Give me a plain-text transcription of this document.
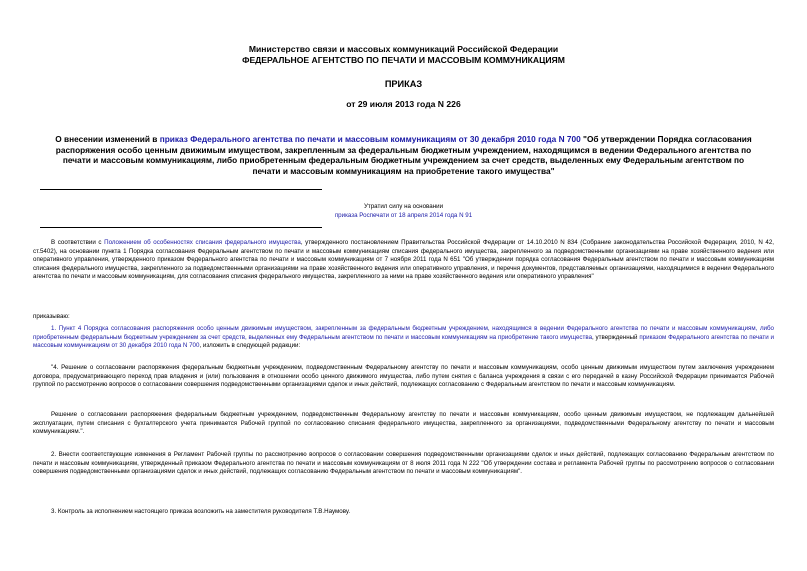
Министерство связи и массовых коммуникаций Российской Федерации
ФЕДЕРАЛЬНОЕ АГЕНТСТВО ПО ПЕЧАТИ И МАССОВЫМ КОММУНИКАЦИЯМ
ПРИКАЗ
от 29 июля 2013 года N 226
О внесении изменений в приказ Федерального агентства по печати и массовым коммуникациям от 30 декабря 2010 года N 700 "Об утверждении Порядка согласования распоряжения особо ценным движимым имуществом, закрепленным за федеральным бюджетным учреждением, находящимся в ведении Федерального агентства по печати и массовым коммуникациям, либо приобретенным федеральным бюджетным учреждением за счет средств, выделенных ему Федеральным агентством по печати и массовым коммуникациям на приобретение такого имущества"
Утратил силу на основании
приказа Роспечати от 18 апреля 2014 года N 91
В соответствии с Положением об особенностях списания федерального имущества, утвержденного постановлением Правительства Российской Федерации от 14.10.2010 N 834 (Собрание законодательства Российской Федерации, 2010, N 42, ст.5402), на основании пункта 1 Порядка согласования Федеральным агентством по печати и массовым коммуникациям списания федерального имущества, закрепленного за подведомственными организациями на праве хозяйственного ведения или оперативного управления, утвержденного приказом Федерального агентства по печати и массовым коммуникациям от 7 ноября 2011 года N 651 "Об утверждении порядка согласования Федеральным агентством по печати и массовым коммуникациям списания федерального имущества, закрепленного за подведомственными организациями на праве хозяйственного ведения или оперативного управления, и перечня документов, представляемых организациями, находящимися в ведении Федерального агентства по печати и массовым коммуникациям, для согласования списания федерального имущества, закрепленного за ними на праве хозяйственного ведения или оперативного управления"
приказываю:
1. Пункт 4 Порядка согласования распоряжения особо ценным движимым имуществом, закрепленным за федеральным бюджетным учреждением, находящимся в ведении Федерального агентства по печати и массовым коммуникациям, либо приобретенным федеральным бюджетным учреждением за счет средств, выделенных ему Федеральным агентством по печати и массовым коммуникациям на приобретение такого имущества, утвержденный приказом Федерального агентства по печати и массовым коммуникациям от 30 декабря 2010 года N 700, изложить в следующей редакции:
"4. Решение о согласовании распоряжения федеральным бюджетным учреждением, подведомственным Федеральному агентству по печати и массовым коммуникациям, особо ценным движимым имуществом путем заключения учреждением договора, предусматривающего переход прав владения и (или) пользования в отношении особо ценного движимого имущества, либо путем снятия с баланса учреждения в связи с его передачей в казну Российской Федерации принимается Рабочей группой по рассмотрению вопросов о согласовании совершения подведомственными организациями сделок и иных действий, подлежащих согласованию с Федеральным агентством по печати и массовым коммуникациям.
Решение о согласовании распоряжения федеральным бюджетным учреждением, подведомственным Федеральному агентству по печати и массовым коммуникациям, особо ценным движимым имуществом, не подлежащим дальнейшей эксплуатации, путем списания с бухгалтерского учета принимается Рабочей группой по согласованию списания федерального имущества, закрепленного за организациями, подведомственными Федеральному агентству по печати и массовым коммуникациям.".
2. Внести соответствующие изменения в Регламент Рабочей группы по рассмотрению вопросов о согласовании совершения подведомственными организациями сделок и иных действий, подлежащих согласованию Федеральным агентством по печати и массовым коммуникациям, утвержденный приказом Федерального агентства по печати и массовым коммуникациям от 8 июля 2011 года N 222 "Об утверждении состава и регламента Рабочей группы по рассмотрению вопросов о согласовании совершения подведомственными организациями сделок и иных действий, подлежащих согласованию Федеральным агентством по печати и массовым коммуникациям".
3. Контроль за исполнением настоящего приказа возложить на заместителя руководителя Т.В.Наумову.
